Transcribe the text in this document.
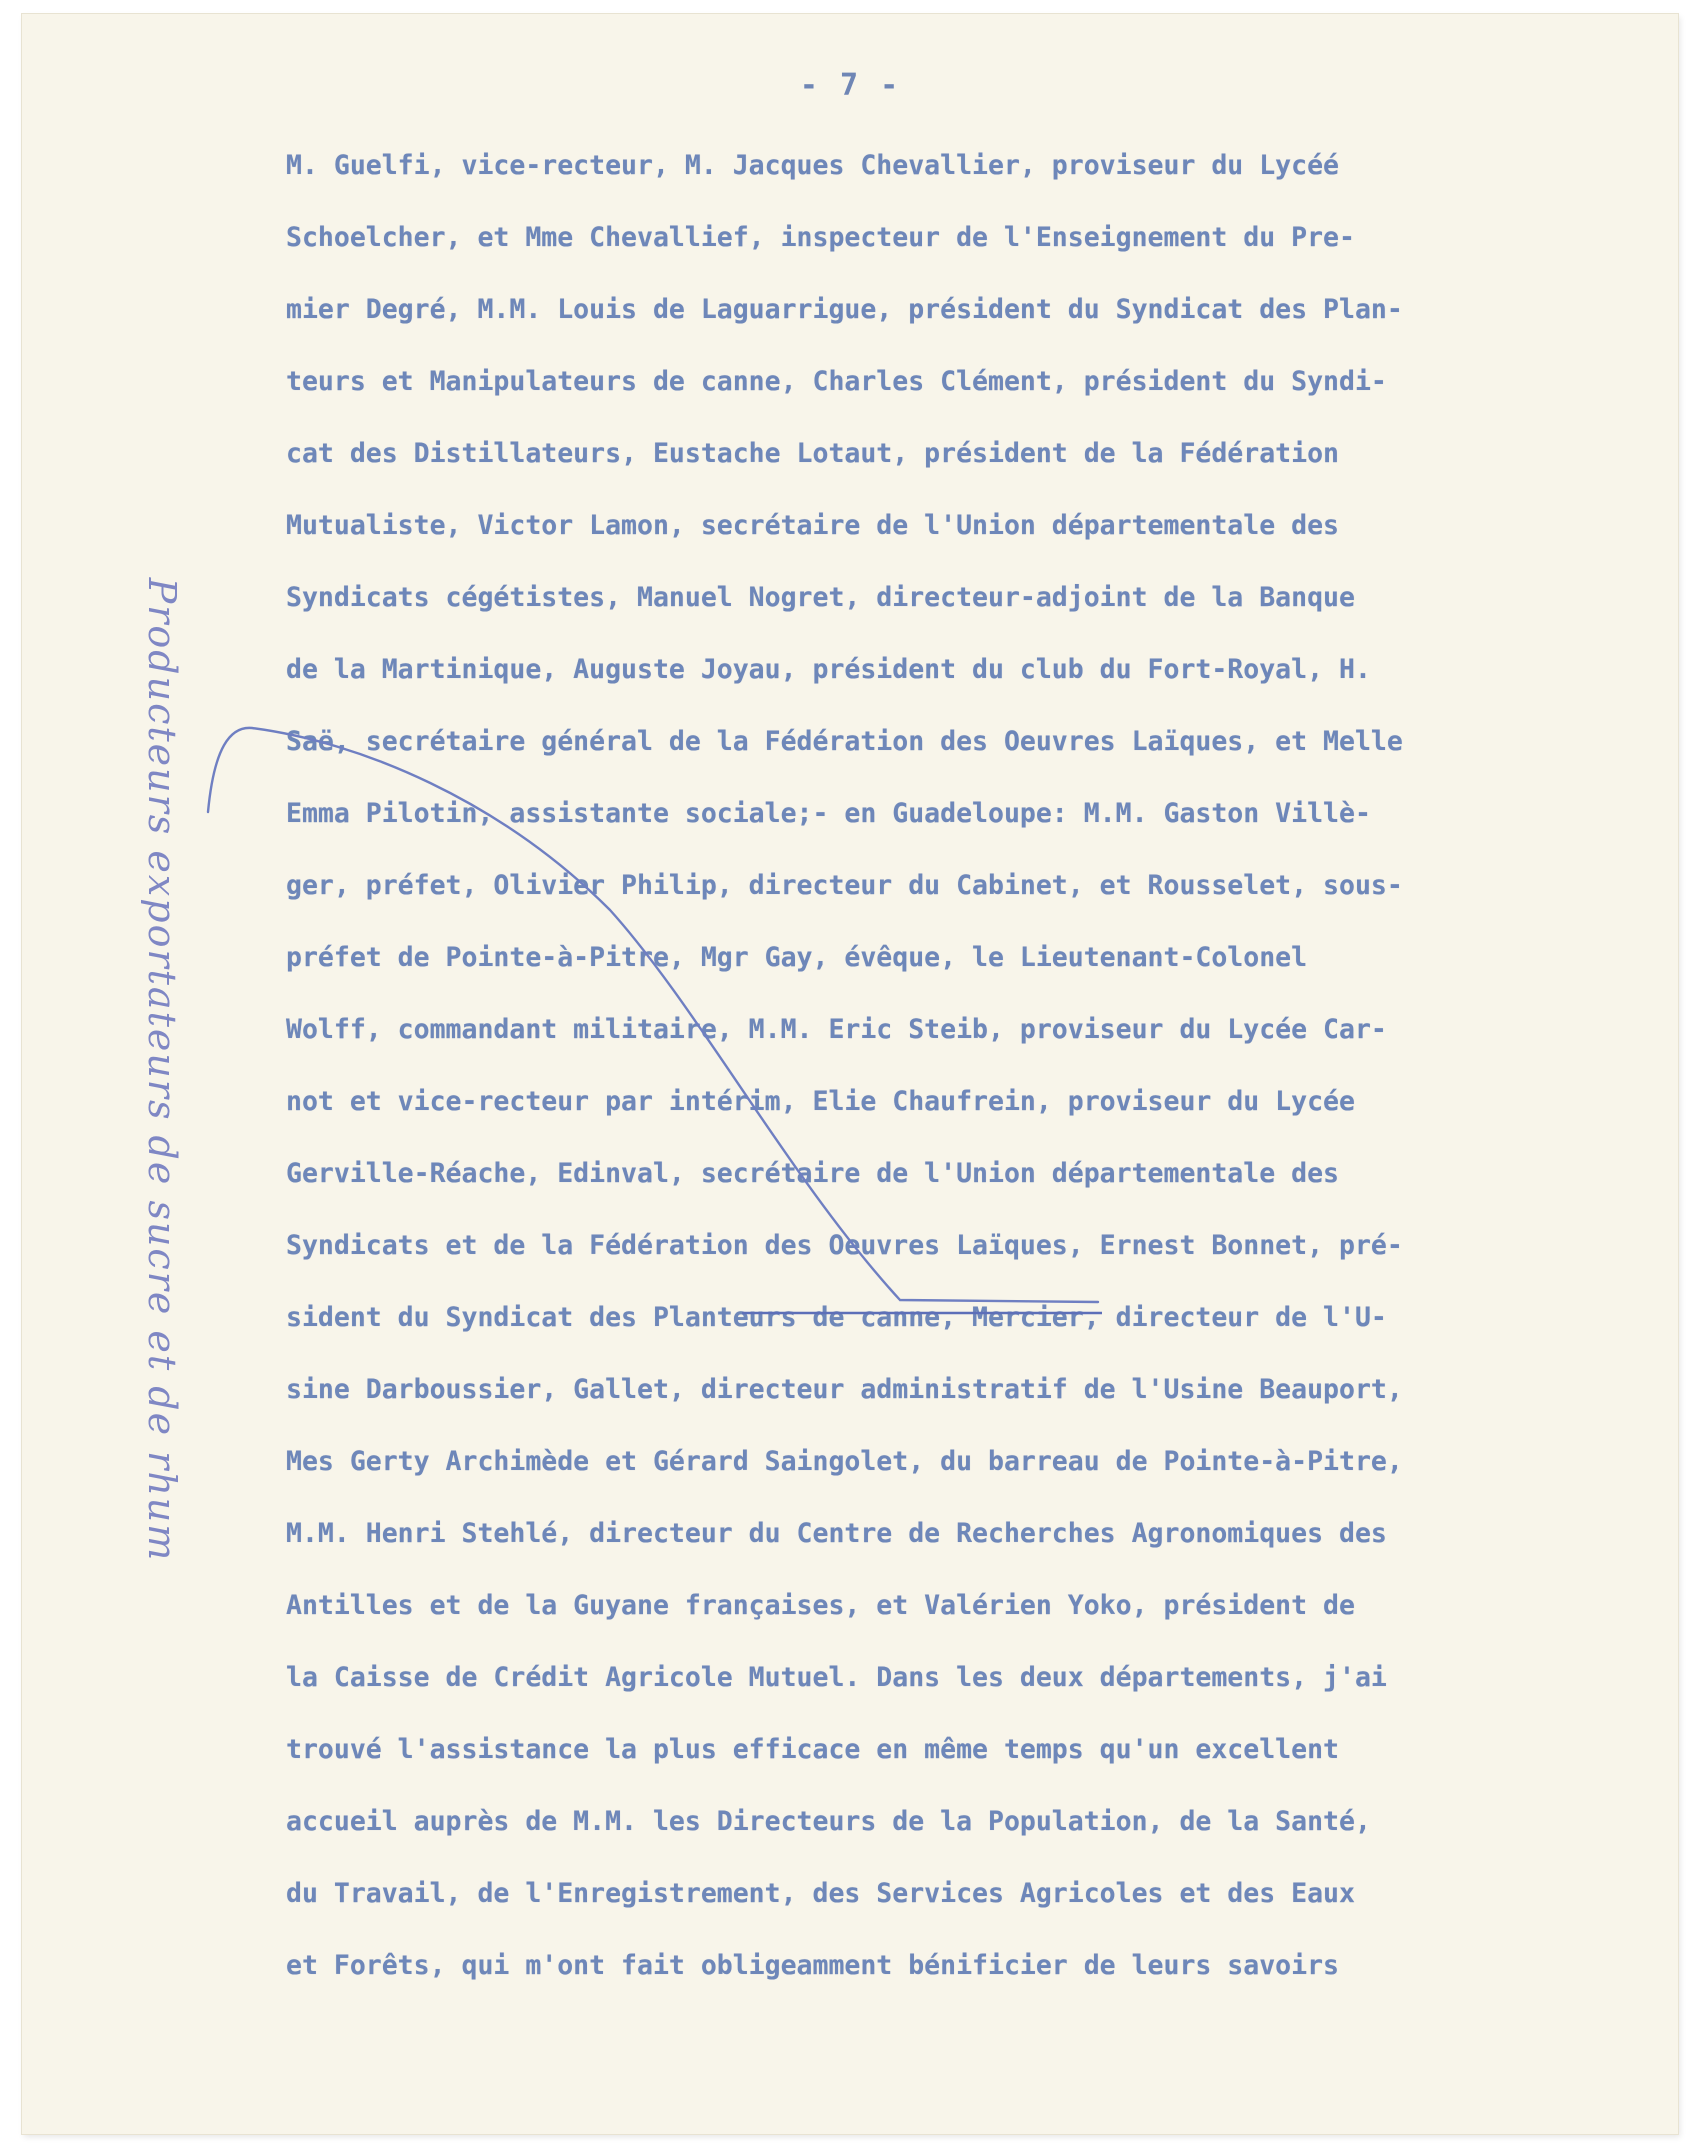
- 7 -
M. Guelfi, vice-recteur, M. Jacques Chevallier, proviseur du Lycéé
Schoelcher, et Mme Chevallief, inspecteur de l'Enseignement du Pre-
mier Degré, M.M. Louis de Laguarrigue, président du Syndicat des Plan-
teurs et Manipulateurs de canne, Charles Clément, président du Syndi-
cat des Distillateurs, Eustache Lotaut, président de la Fédération
Mutualiste, Victor Lamon, secrétaire de l'Union départementale des
Syndicats cégétistes, Manuel Nogret, directeur-adjoint de la Banque
de la Martinique, Auguste Joyau, président du club du Fort-Royal, H.
Saë, secrétaire général de la Fédération des Oeuvres Laïques, et Melle
Emma Pilotin, assistante sociale;- en Guadeloupe: M.M. Gaston Villè-
ger, préfet, Olivier Philip, directeur du Cabinet, et Rousselet, sous-
préfet de Pointe-à-Pitre, Mgr Gay, évêque, le Lieutenant-Colonel
Wolff, commandant militaire, M.M. Eric Steib, proviseur du Lycée Car-
not et vice-recteur par intérim, Elie Chaufrein, proviseur du Lycée
Gerville-Réache, Edinval, secrétaire de l'Union départementale des
Syndicats et de la Fédération des Oeuvres Laïques, Ernest Bonnet, pré-
sident du Syndicat des Planteurs de canne, Mercier, directeur de l'U-
sine Darboussier, Gallet, directeur administratif de l'Usine Beauport,
Mes Gerty Archimède et Gérard Saingolet, du barreau de Pointe-à-Pitre,
M.M. Henri Stehlé, directeur du Centre de Recherches Agronomiques des
Antilles et de la Guyane françaises, et Valérien Yoko, président de
la Caisse de Crédit Agricole Mutuel. Dans les deux départements, j'ai
trouvé l'assistance la plus efficace en même temps qu'un excellent
accueil auprès de M.M. les Directeurs de la Population, de la Santé,
du Travail, de l'Enregistrement, des Services Agricoles et des Eaux
et Forêts, qui m'ont fait obligeamment bénificier de leurs savoirs
Producteurs exportateurs de sucre et de rhum
